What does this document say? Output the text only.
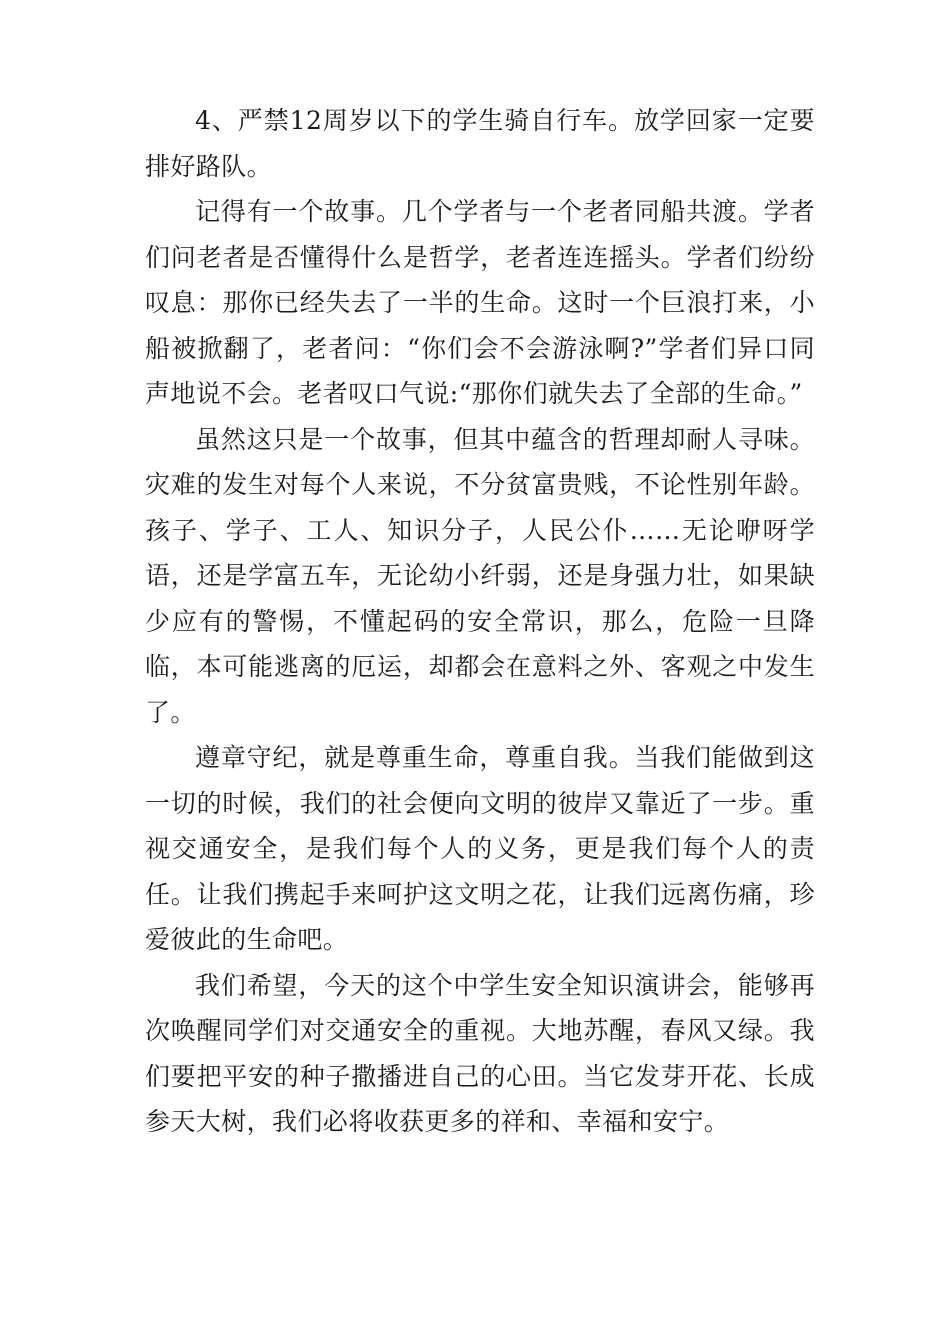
4、严禁12周岁以下的学生骑自行车。放学回家一定要排好路队。

记得有一个故事。几个学者与一个老者同船共渡。学者们问老者是否懂得什么是哲学，老者连连摇头。学者们纷纷叹息：那你已经失去了一半的生命。这时一个巨浪打来，小船被掀翻了，老者问：“你们会不会游泳啊?”学者们异口同声地说不会。老者叹口气说:“那你们就失去了全部的生命。”

虽然这只是一个故事，但其中蕴含的哲理却耐人寻味。灾难的发生对每个人来说，不分贫富贵贱，不论性别年龄。孩子、学子、工人、知识分子，人民公仆……无论咿呀学语，还是学富五车，无论幼小纤弱，还是身强力壮，如果缺少应有的警惕，不懂起码的安全常识，那么，危险一旦降临，本可能逃离的厄运，却都会在意料之外、客观之中发生了。

遵章守纪，就是尊重生命，尊重自我。当我们能做到这一切的时候，我们的社会便向文明的彼岸又靠近了一步。重视交通安全，是我们每个人的义务，更是我们每个人的责任。让我们携起手来呵护这文明之花，让我们远离伤痛，珍爱彼此的生命吧。

我们希望，今天的这个中学生安全知识演讲会，能够再次唤醒同学们对交通安全的重视。大地苏醒，春风又绿。我们要把平安的种子撒播进自己的心田。当它发芽开花、长成参天大树，我们必将收获更多的祥和、幸福和安宁。
